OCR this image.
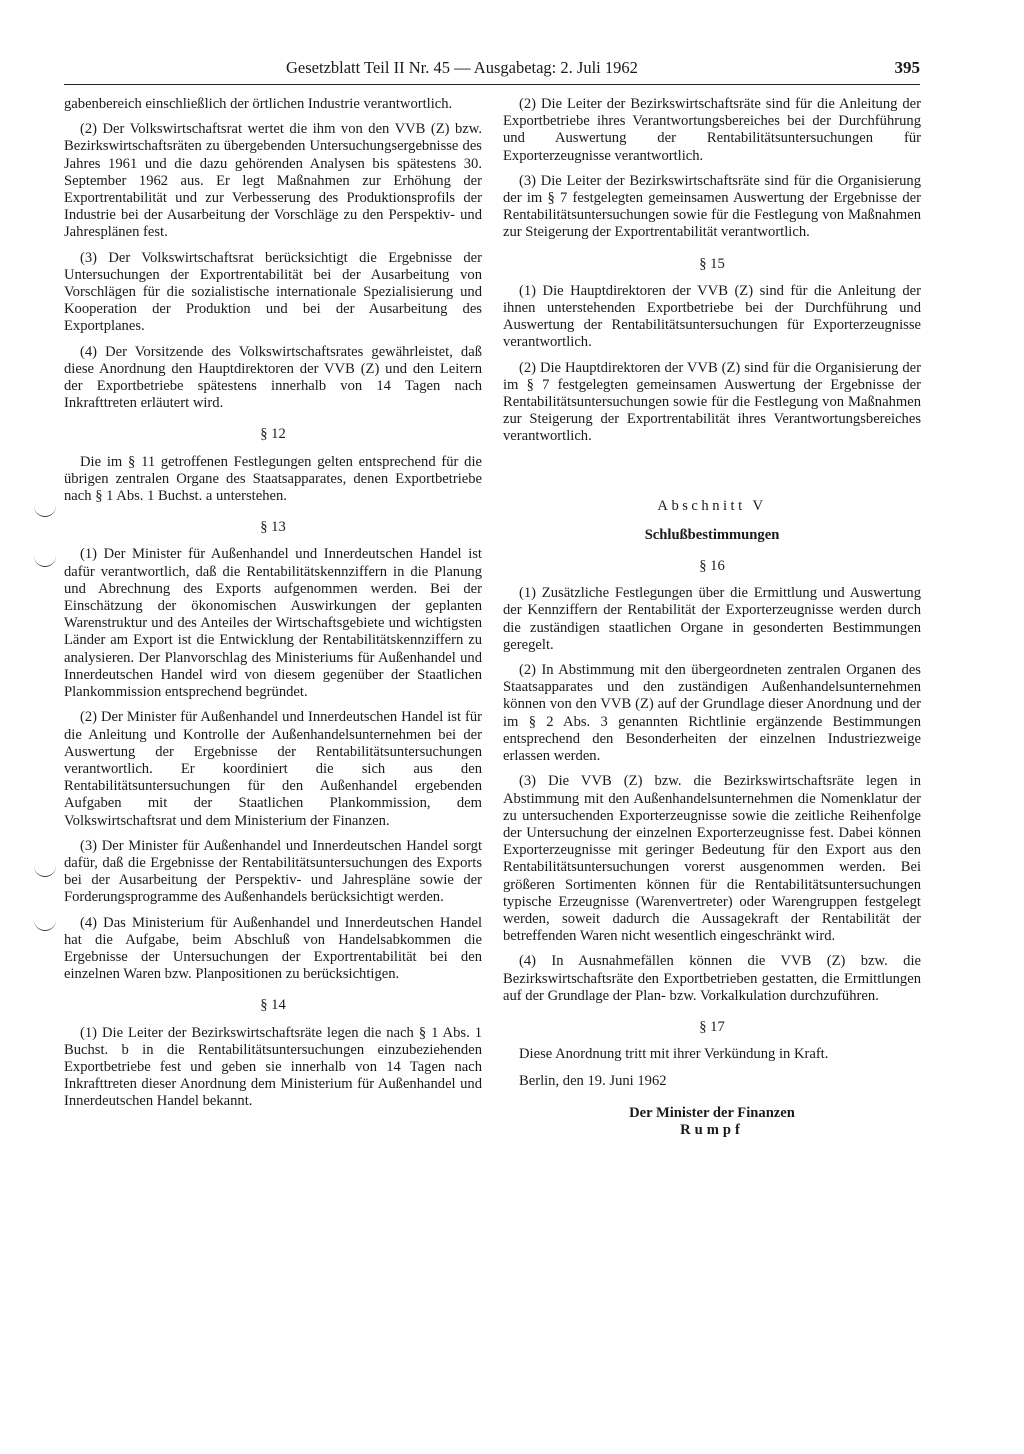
Gesetzblatt Teil II Nr. 45 — Ausgabetag: 2. Juli 1962	395

gabenbereich einschließlich der örtlichen Industrie verantwortlich.

(2) Der Volkswirtschaftsrat wertet die ihm von den VVB (Z) bzw. Bezirkswirtschaftsräten zu übergebenden Untersuchungsergebnisse des Jahres 1961 und die dazu gehörenden Analysen bis spätestens 30. September 1962 aus. Er legt Maßnahmen zur Erhöhung der Exportrentabilität und zur Verbesserung des Produktionsprofils der Industrie bei der Ausarbeitung der Vorschläge zu den Perspektiv- und Jahresplänen fest.

(3) Der Volkswirtschaftsrat berücksichtigt die Ergebnisse der Untersuchungen der Exportrentabilität bei der Ausarbeitung von Vorschlägen für die sozialistische internationale Spezialisierung und Kooperation der Produktion und bei der Ausarbeitung des Exportplanes.

(4) Der Vorsitzende des Volkswirtschaftsrates gewährleistet, daß diese Anordnung den Hauptdirektoren der VVB (Z) und den Leitern der Exportbetriebe spätestens innerhalb von 14 Tagen nach Inkrafttreten erläutert wird.

§ 12

Die im § 11 getroffenen Festlegungen gelten entsprechend für die übrigen zentralen Organe des Staatsapparates, denen Exportbetriebe nach § 1 Abs. 1 Buchst. a unterstehen.

§ 13

(1) Der Minister für Außenhandel und Innerdeutschen Handel ist dafür verantwortlich, daß die Rentabilitätskennziffern in die Planung und Abrechnung des Exports aufgenommen werden. Bei der Einschätzung der ökonomischen Auswirkungen der geplanten Warenstruktur und des Anteiles der Wirtschaftsgebiete und wichtigsten Länder am Export ist die Entwicklung der Rentabilitätskennziffern zu analysieren. Der Planvorschlag des Ministeriums für Außenhandel und Innerdeutschen Handel wird von diesem gegenüber der Staatlichen Plankommission entsprechend begründet.

(2) Der Minister für Außenhandel und Innerdeutschen Handel ist für die Anleitung und Kontrolle der Außenhandelsunternehmen bei der Auswertung der Ergebnisse der Rentabilitätsuntersuchungen verantwortlich. Er koordiniert die sich aus den Rentabilitätsuntersuchungen für den Außenhandel ergebenden Aufgaben mit der Staatlichen Plankommission, dem Volkswirtschaftsrat und dem Ministerium der Finanzen.

(3) Der Minister für Außenhandel und Innerdeutschen Handel sorgt dafür, daß die Ergebnisse der Rentabilitätsuntersuchungen des Exports bei der Ausarbeitung der Perspektiv- und Jahrespläne sowie der Forderungsprogramme des Außenhandels berücksichtigt werden.

(4) Das Ministerium für Außenhandel und Innerdeutschen Handel hat die Aufgabe, beim Abschluß von Handelsabkommen die Ergebnisse der Untersuchungen der Exportrentabilität bei den einzelnen Waren bzw. Planpositionen zu berücksichtigen.

§ 14

(1) Die Leiter der Bezirkswirtschaftsräte legen die nach § 1 Abs. 1 Buchst. b in die Rentabilitätsuntersuchungen einzubeziehenden Exportbetriebe fest und geben sie innerhalb von 14 Tagen nach Inkrafttreten dieser Anordnung dem Ministerium für Außenhandel und Innerdeutschen Handel bekannt.

(2) Die Leiter der Bezirkswirtschaftsräte sind für die Anleitung der Exportbetriebe ihres Verantwortungsbereiches bei der Durchführung und Auswertung der Rentabilitätsuntersuchungen für Exporterzeugnisse verantwortlich.

(3) Die Leiter der Bezirkswirtschaftsräte sind für die Organisierung der im § 7 festgelegten gemeinsamen Auswertung der Ergebnisse der Rentabilitätsuntersuchungen sowie für die Festlegung von Maßnahmen zur Steigerung der Exportrentabilität verantwortlich.

§ 15

(1) Die Hauptdirektoren der VVB (Z) sind für die Anleitung der ihnen unterstehenden Exportbetriebe bei der Durchführung und Auswertung der Rentabilitätsuntersuchungen für Exporterzeugnisse verantwortlich.

(2) Die Hauptdirektoren der VVB (Z) sind für die Organisierung der im § 7 festgelegten gemeinsamen Auswertung der Ergebnisse der Rentabilitätsuntersuchungen sowie für die Festlegung von Maßnahmen zur Steigerung der Exportrentabilität ihres Verantwortungsbereiches verantwortlich.

Abschnitt V

Schlußbestimmungen

§ 16

(1) Zusätzliche Festlegungen über die Ermittlung und Auswertung der Kennziffern der Rentabilität der Exporterzeugnisse werden durch die zuständigen staatlichen Organe in gesonderten Bestimmungen geregelt.

(2) In Abstimmung mit den übergeordneten zentralen Organen des Staatsapparates und den zuständigen Außenhandelsunternehmen können von den VVB (Z) auf der Grundlage dieser Anordnung und der im § 2 Abs. 3 genannten Richtlinie ergänzende Bestimmungen entsprechend den Besonderheiten der einzelnen Industriezweige erlassen werden.

(3) Die VVB (Z) bzw. die Bezirkswirtschaftsräte legen in Abstimmung mit den Außenhandelsunternehmen die Nomenklatur der zu untersuchenden Exporterzeugnisse sowie die zeitliche Reihenfolge der Untersuchung der einzelnen Exporterzeugnisse fest. Dabei können Exporterzeugnisse mit geringer Bedeutung für den Export aus den Rentabilitätsuntersuchungen vorerst ausgenommen werden. Bei größeren Sortimenten können für die Rentabilitätsuntersuchungen typische Erzeugnisse (Warenvertreter) oder Warengruppen festgelegt werden, soweit dadurch die Aussagekraft der Rentabilität der betreffenden Waren nicht wesentlich eingeschränkt wird.

(4) In Ausnahmefällen können die VVB (Z) bzw. die Bezirkswirtschaftsräte den Exportbetrieben gestatten, die Ermittlungen auf der Grundlage der Plan- bzw. Vorkalkulation durchzuführen.

§ 17

Diese Anordnung tritt mit ihrer Verkündung in Kraft.

Berlin, den 19. Juni 1962

Der Minister der Finanzen

Rumpf
